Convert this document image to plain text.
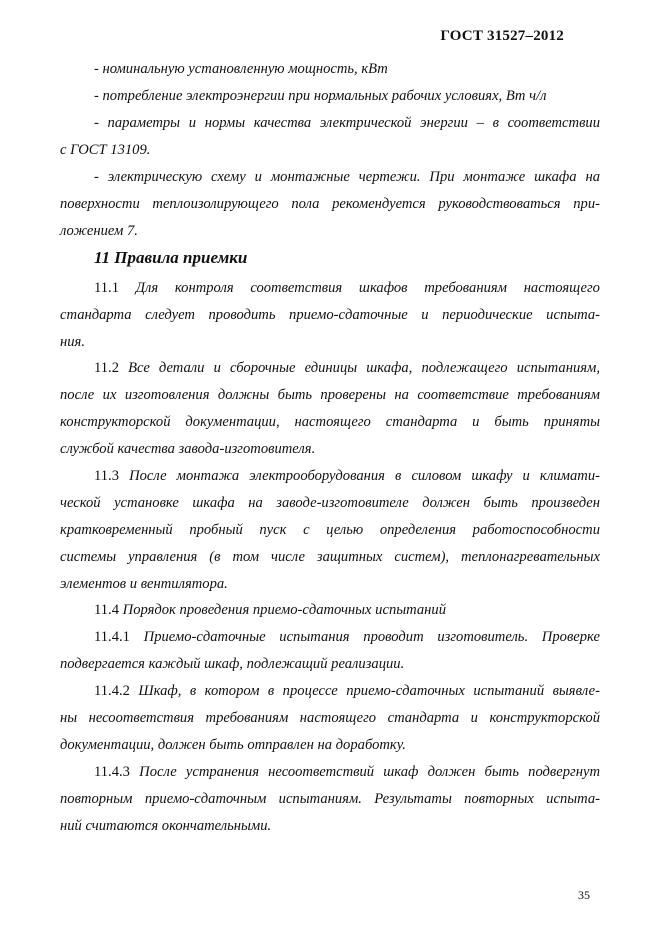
ГОСТ 31527–2012
- номинальную установленную мощность, кВт
- потребление электроэнергии при нормальных рабочих условиях, Вт ч/л
- параметры и нормы качества электрической энергии – в соответствии
с ГОСТ 13109.
- электрическую схему и монтажные чертежи. При монтаже шкафа на
поверхности теплоизолирующего пола рекомендуется руководствоваться при-
ложением 7.
11 Правила приемки
11.1 Для контроля соответствия шкафов требованиям настоящего
стандарта следует проводить приемо-сдаточные и периодические испыта-
ния.
11.2 Все детали и сборочные единицы шкафа, подлежащего испытаниям,
после их изготовления должны быть проверены на соответствие требованиям
конструкторской документации, настоящего стандарта и быть приняты
службой качества завода-изготовителя.
11.3 После монтажа электрооборудования в силовом шкафу и климати-
ческой установке шкафа на заводе-изготовителе должен быть произведен
кратковременный пробный пуск с целью определения работоспособности
системы управления (в том числе защитных систем), теплонагревательных
элементов и вентилятора.
11.4 Порядок проведения приемо-сдаточных испытаний
11.4.1 Приемо-сдаточные испытания проводит изготовитель. Проверке
подвергается каждый шкаф, подлежащий реализации.
11.4.2 Шкаф, в котором в процессе приемо-сдаточных испытаний выявле-
ны несоответствия требованиям настоящего стандарта и конструкторской
документации, должен быть отправлен на доработку.
11.4.3 После устранения несоответствий шкаф должен быть подвергнут
повторным приемо-сдаточным испытаниям. Результаты повторных испыта-
ний считаются окончательными.
35
